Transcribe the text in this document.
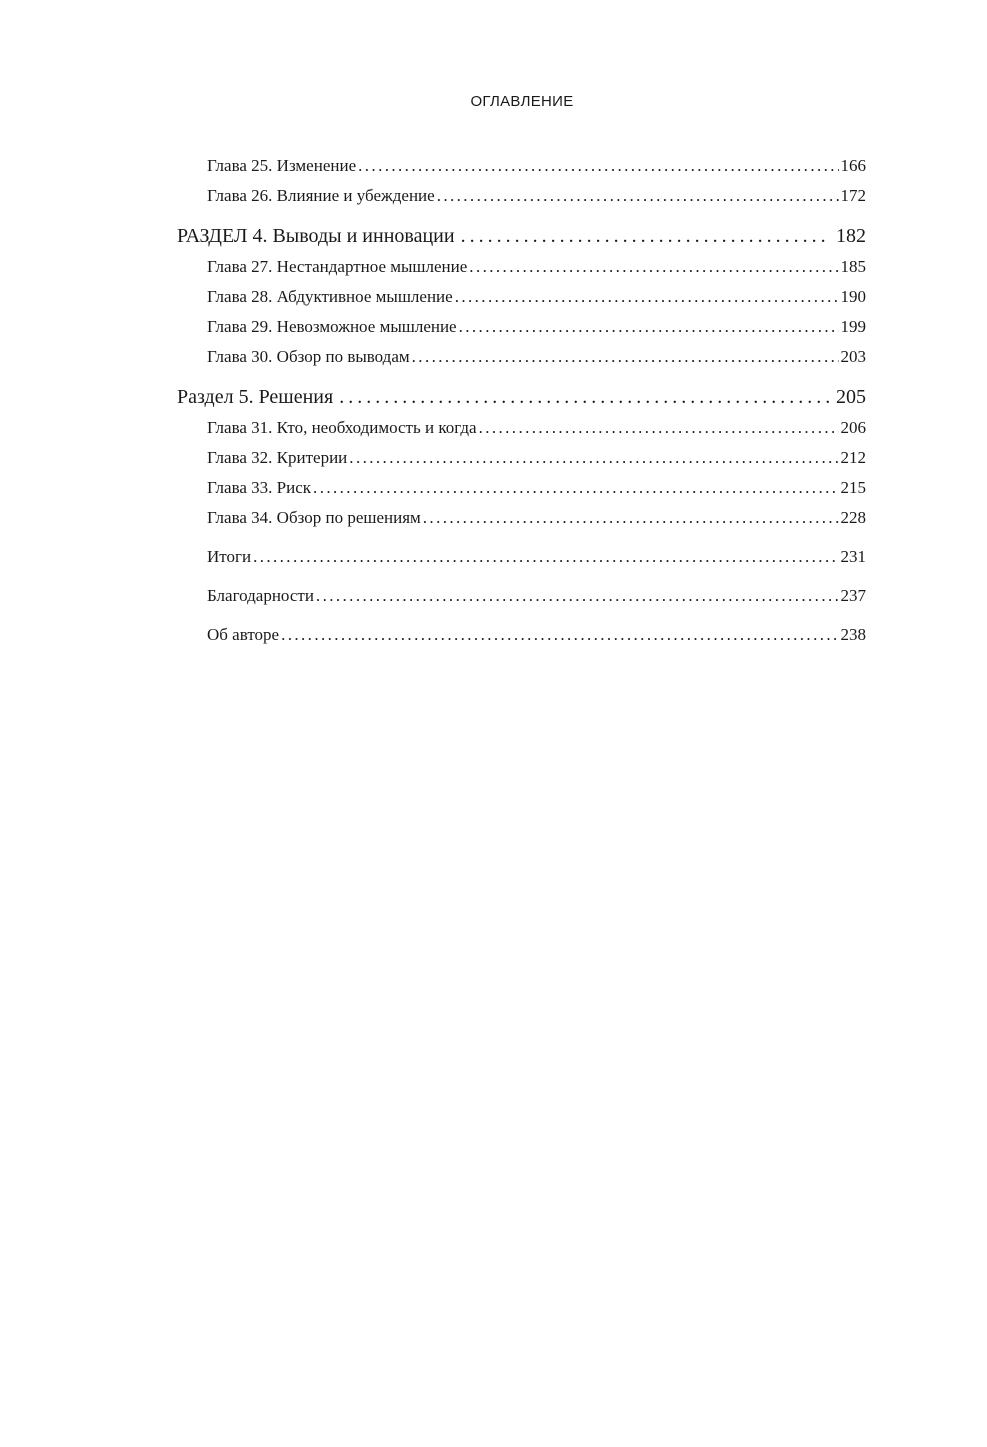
ОГЛАВЛЕНИЕ
Глава 25. Изменение .....	166
Глава 26. Влияние и убеждение .....	172
РАЗДЕЛ 4. Выводы и инновации .....	182
Глава 27. Нестандартное мышление .....	185
Глава 28. Абдуктивное мышление .....	190
Глава 29. Невозможное мышление .....	199
Глава 30. Обзор по выводам .....	203
Раздел 5. Решения .....	205
Глава 31. Кто, необходимость и когда .....	206
Глава 32. Критерии .....	212
Глава 33. Риск .....	215
Глава 34. Обзор по решениям .....	228
Итоги .....	231
Благодарности .....	237
Об авторе .....	238
